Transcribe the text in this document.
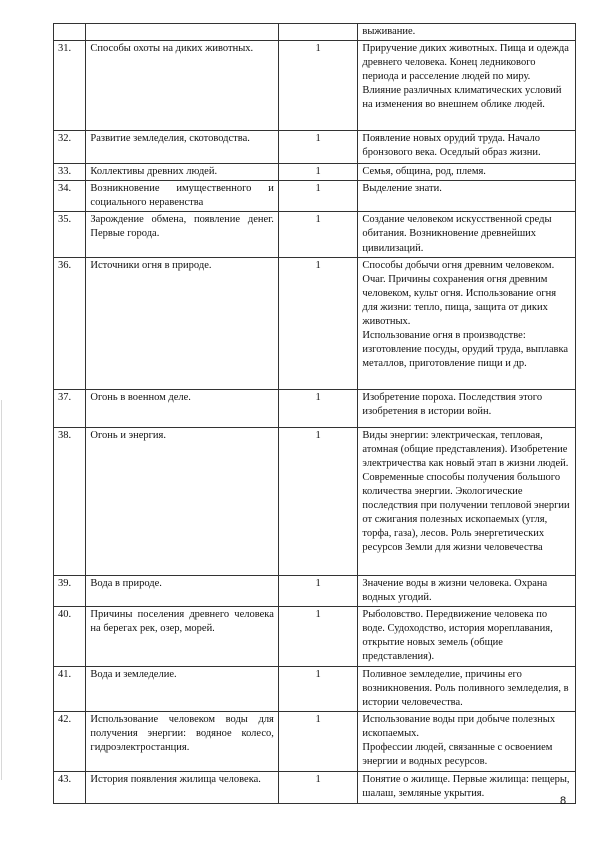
			выживание.

31.	Способы охоты на диких животных.	1	Приручение диких животных. Пища и одежда древнего человека. Конец ледникового периода и расселение людей по миру. Влияние различных климатических условий на изменения во внешнем облике людей.

32.	Развитие земледелия, скотоводства.	1	Появление новых орудий труда. Начало бронзового века. Оседлый образ жизни.

33.	Коллективы древних людей.	1	Семья, община, род, племя.

34.	Возникновение имущественного и социального неравенства	1	Выделение знати.

35.	Зарождение обмена, появление денег. Первые города.	1	Создание человеком искусственной среды обитания. Возникновение древнейших цивилизаций.

36.	Источники огня в природе.	1	Способы добычи огня древним человеком. Очаг. Причины сохранения огня древним человеком, культ огня. Использование огня для жизни: тепло, пища, защита от диких животных.
Использование огня в производстве: изготовление посуды, орудий труда, выплавка металлов, приготовление пищи и др.

37.	Огонь в военном деле.	1	Изобретение пороха. Последствия этого изобретения в истории войн.

38.	Огонь и энергия.	1	Виды энергии: электрическая, тепловая, атомная (общие представления). Изобретение электричества как новый этап в жизни людей. Современные способы получения большого количества энергии. Экологические последствия при получении тепловой энергии от сжигания полезных ископаемых (угля, торфа, газа), лесов. Роль энергетических ресурсов Земли для жизни человечества

39.	Вода в природе.	1	Значение воды в жизни человека. Охрана водных угодий.

40.	Причины поселения древнего человека на берегах рек, озер, морей.	1	Рыболовство. Передвижение человека по воде. Судоходство, история мореплавания, открытие новых земель (общие представления).

41.	Вода и земледелие.	1	Поливное земледелие, причины его возникновения. Роль поливного земледелия, в истории человечества.

42.	Использование человеком воды для получения энергии: водяное колесо, гидроэлектростанция.	1	Использование воды при добыче полезных ископаемых.
Профессии людей, связанные с освоением энергии и водных ресурсов.

43.	История появления жилища человека.	1	Понятие о жилище. Первые жилища: пещеры, шалаш, земляные укрытия.
8
